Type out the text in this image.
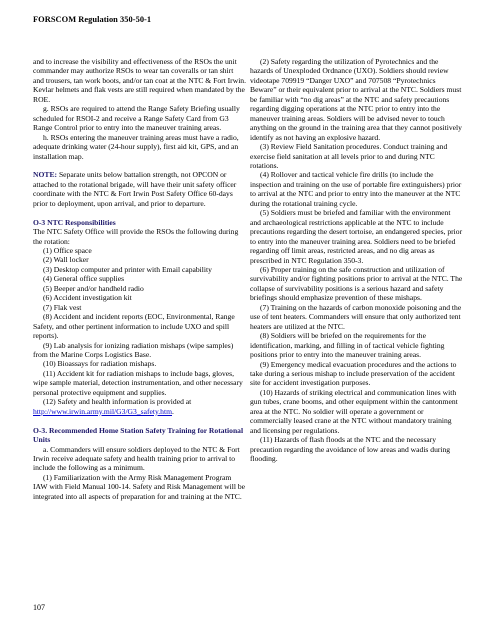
FORSCOM Regulation 350-50-1

and to increase the visibility and effectiveness of the RSOs the unit commander may authorize RSOs to wear tan coveralls or tan shirt and trousers, tan work boots, and/or tan coat at the NTC & Fort Irwin. Kevlar helmets and flak vests are still required when mandated by the ROE.

g. RSOs are required to attend the Range Safety Briefing usually scheduled for RSOI-2 and receive a Range Safety Card from G3 Range Control prior to entry into the maneuver training areas.

h. RSOs entering the maneuver training areas must have a radio, adequate drinking water (24-hour supply), first aid kit, GPS, and an installation map.

NOTE: Separate units below battalion strength, not OPCON or attached to the rotational brigade, will have their unit safety officer coordinate with the NTC & Fort Irwin Post Safety Office 60-days prior to deployment, upon arrival, and prior to departure.

O-3 NTC Responsibilities

The NTC Safety Office will provide the RSOs the following during the rotation:

(1) Office space

(2) Wall locker

(3) Desktop computer and printer with Email capability

(4) General office supplies

(5) Beeper and/or handheld radio

(6) Accident investigation kit

(7) Flak vest

(8) Accident and incident reports (EOC, Environmental, Range Safety, and other pertinent information to include UXO and spill reports).

(9) Lab analysis for ionizing radiation mishaps (wipe samples) from the Marine Corps Logistics Base.

(10) Bioassays for radiation mishaps.

(11) Accident kit for radiation mishaps to include bags, gloves, wipe sample material, detection instrumentation, and other necessary personal protective equipment and supplies.

(12) Safety and health information is provided at http://www.irwin.army.mil/G3/G3_safety.htm.

O-3. Recommended Home Station Safety Training for Rotational Units

a. Commanders will ensure soldiers deployed to the NTC & Fort Irwin receive adequate safety and health training prior to arrival to include the following as a minimum.

(1) Familiarization with the Army Risk Management Program IAW with Field Manual 100-14. Safety and Risk Management will be integrated into all aspects of preparation for and training at the NTC.

(2) Safety regarding the utilization of Pyrotechnics and the hazards of Unexploded Ordnance (UXO). Soldiers should review videotape 709919 “Danger UXO” and 707508 “Pyrotechnics Beware” or their equivalent prior to arrival at the NTC. Soldiers must be familiar with “no dig areas” at the NTC and safety precautions regarding digging operations at the NTC prior to entry into the maneuver training areas. Soldiers will be advised never to touch anything on the ground in the training area that they cannot positively identify as not having an explosive hazard.

(3) Review Field Sanitation procedures. Conduct training and exercise field sanitation at all levels prior to and during NTC rotations.

(4) Rollover and tactical vehicle fire drills (to include the inspection and training on the use of portable fire extinguishers) prior to arrival at the NTC and prior to entry into the maneuver at the NTC during the rotational training cycle.

(5) Soldiers must be briefed and familiar with the environment and archaeological restrictions applicable at the NTC to include precautions regarding the desert tortoise, an endangered species, prior to entry into the maneuver training area. Soldiers need to be briefed regarding off limit areas, restricted areas, and no dig areas as prescribed in NTC Regulation 350-3.

(6) Proper training on the safe construction and utilization of survivability and/or fighting positions prior to arrival at the NTC. The collapse of survivability positions is a serious hazard and safety briefings should emphasize prevention of these mishaps.

(7) Training on the hazards of carbon monoxide poisoning and the use of tent heaters. Commanders will ensure that only authorized tent heaters are utilized at the NTC.

(8) Soldiers will be briefed on the requirements for the identification, marking, and filling in of tactical vehicle fighting positions prior to entry into the maneuver training areas.

(9) Emergency medical evacuation procedures and the actions to take during a serious mishap to include preservation of the accident site for accident investigation purposes.

(10) Hazards of striking electrical and communication lines with gun tubes, crane booms, and other equipment within the cantonment area at the NTC. No soldier will operate a government or commercially leased crane at the NTC without mandatory training and licensing per regulations.

(11) Hazards of flash floods at the NTC and the necessary precaution regarding the avoidance of low areas and wadis during flooding.

107
